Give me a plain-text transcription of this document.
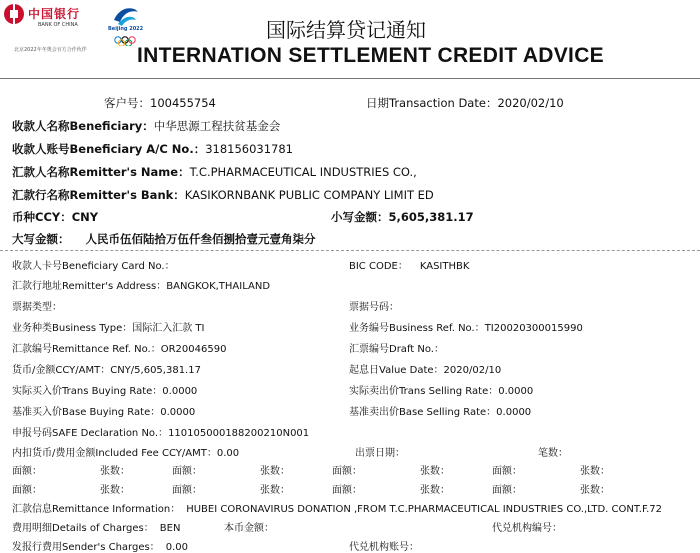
中国银行
BANK OF CHINA
Beijing 2022
北京2022年冬奥会官方合作伙伴
国际结算贷记通知
INTERNATION SETTLEMENT CREDIT ADVICE
客户号：100455754	日期Transaction Date：2020/02/10
收款人名称Beneficiary：中华思源工程扶贫基金会
收款人账号Beneficiary A/C No.：318156031781
汇款人名称Remitter's Name：T.C.PHARMACEUTICAL INDUSTRIES CO.,
汇款行名称Remitter's Bank：KASIKORNBANK PUBLIC COMPANY LIMIT ED
币种CCY：CNY	小写金额：5,605,381.17
大写金额： 人民币伍佰陆拾万伍仟叁佰捌拾壹元壹角柒分
收款人卡号Beneficiary Card No.：	BIC CODE： KASITHBK
汇款行地址Remitter's Address：BANGKOK,THAILAND
票据类型：	票据号码：
业务种类Business Type：国际汇入汇款 TI	业务编号Business Ref. No.：TI20020300015990
汇款编号Remittance Ref. No.：OR20046590	汇票编号Draft No.：
货币/金额CCY/AMT：CNY/5,605,381.17	起息日Value Date：2020/02/10
实际买入价Trans Buying Rate：0.0000	实际卖出价Trans Selling Rate：0.0000
基准买入价Base Buying Rate：0.0000	基准卖出价Base Selling Rate：0.0000
申报号码SAFE Declaration No.：110105000188200210N001
内扣货币/费用金额Included Fee CCY/AMT：0.00	出票日期：	笔数：
面额：	张数：	面额：	张数：	面额：	张数：	面额：	张数：
面额：	张数：	面额：	张数：	面额：	张数：	面额：	张数：
汇款信息Remittance Information： HUBEI CORONAVIRUS DONATION ,FROM T.C.PHARMACEUTICAL INDUSTRIES CO.,LTD. CONT.F.72
费用明细Details of Charges： BEN	本币金额：	代兑机构编号：
发报行费用Sender's Charges： 0.00	代兑机构账号：
